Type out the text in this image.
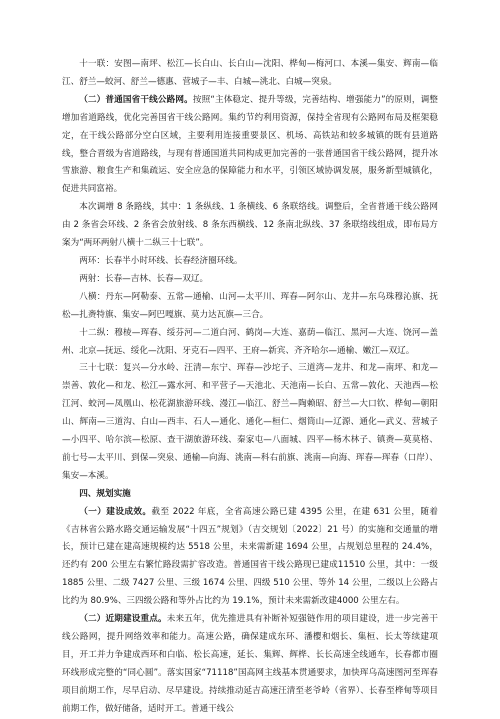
十一联：安图—南坪、松江—长白山、长白山—沈阳、桦甸—梅河口、本溪—集安、辉南—临江、舒兰—蛟河、舒兰—德惠、营城子—丰、白城—洮北、白城—突泉。

（二）普通国省干线公路网。按照“主体稳定、提升等级，完善结构、增强能力”的原则，调整增加省道路线，优化完善国省干线公路网。集约节约利用资源，保持全省现有公路网布局及框架稳定，在干线公路部分空白区域，主要利用连接重要景区、机场、高铁站和较多城镇的既有县道路线，整合晋级为省道路线，与现有普通国道共同构成更加完善的一张普通国省干线公路网，提升冰雪旅游、粮食生产和集疏运、安全应急的保障能力和水平，引领区域协调发展，服务新型城镇化，促进共同富裕。

本次调增 8 条路线，其中：1 条纵线、1 条横线、6 条联络线。调整后，全省普通干线公路网由 2 条省会环线、2 条省会放射线、8 条东西横线、12 条南北纵线、37 条联络线组成，即布局方案为“两环两射八横十二纵三十七联”。

两环：长春半小时环线、长春经济圈环线。

两射：长春—吉林、长春—双辽。

八横：丹东—阿勒泰、五常—通榆、山河—太平川、珲春—阿尔山、龙井—东乌珠穆沁旗、抚松—扎赉特旗、集安—阿巴嘎旗、莫力达瓦旗—三合。

十二纵：穆棱—珲春、绥芬河—二道白河、鹤岗—大连、嘉荫—临江、黑河—大连、饶河—盖州、北京—抚远、绥化—沈阳、牙克石—四平、王府—新宾、齐齐哈尔—通榆、嫩江—双辽。

三十七联：复兴—分水岭、汪清—东宁、珲春—沙坨子、三道湾—龙井、和龙—南坪、和龙—崇善、敦化—和龙、松江—露水河、和平营子—天池北、天池南—长白、五常—敦化、天池西—松江河、蛟河—凤凰山、松花湖旅游环线、漫江—临江、舒兰—陶赖昭、舒兰—大口钦、桦甸—朝阳山、辉南—三道沟、白山—西丰、石人—通化、通化—桓仁、烟筒山—辽源、通化—武义、营城子—小四平、哈尔滨—松原、查干湖旅游环线、秦家屯—八面城、四平—杨木林子、镇赉—莫莫格、前七号—太平川、到保—突泉、通榆—向海、洮南—科右前旗、洮南—向海、珲春—珲春（口岸）、集安—本溪。

四、规划实施

（一）建设成效。截至 2022 年底，全省高速公路已建 4395 公里，在建 631 公里，随着《吉林省公路水路交通运输发展“十四五”规划》（吉交规划〔2022〕21 号）的实施和交通量的增长，预计已建在建高速规模约达 5518 公里，未来需新建 1694 公里，占规划总里程的 24.4%，还约有 200 公里左右繁忙路段需扩容改造。普通国省干线公路现已建成11510 公里，其中：一级 1885 公里、二级 7427 公里、三级 1674 公里、四级 510 公里、等外 14 公里，二级以上公路占比约为 80.9%、三四级公路和等外占比约为 19.1%，预计未来需新改建4000 公里左右。

（二）近期建设重点。未来五年，优先推进具有补断补短强链作用的项目建设，进一步完善干线公路网，提升网络效率和能力。高速公路，确保建成东环、潘樱和烟长、集桓、长太等续建项目，开工并力争建成西环和白临、松长高速，延长、集辉、辉桦、长长高速全线通车，长春都市圈环线形成完整的“同心圆”。落实国家“71118”国高网主线基本贯通要求，加快珲乌高速图河至珲春项目前期工作，尽早启动、尽早建设。持续推动延吉高速汪清至老爷岭（省界）、长春至桦甸等项目前期工作，做好储备，适时开工。普通干线公
